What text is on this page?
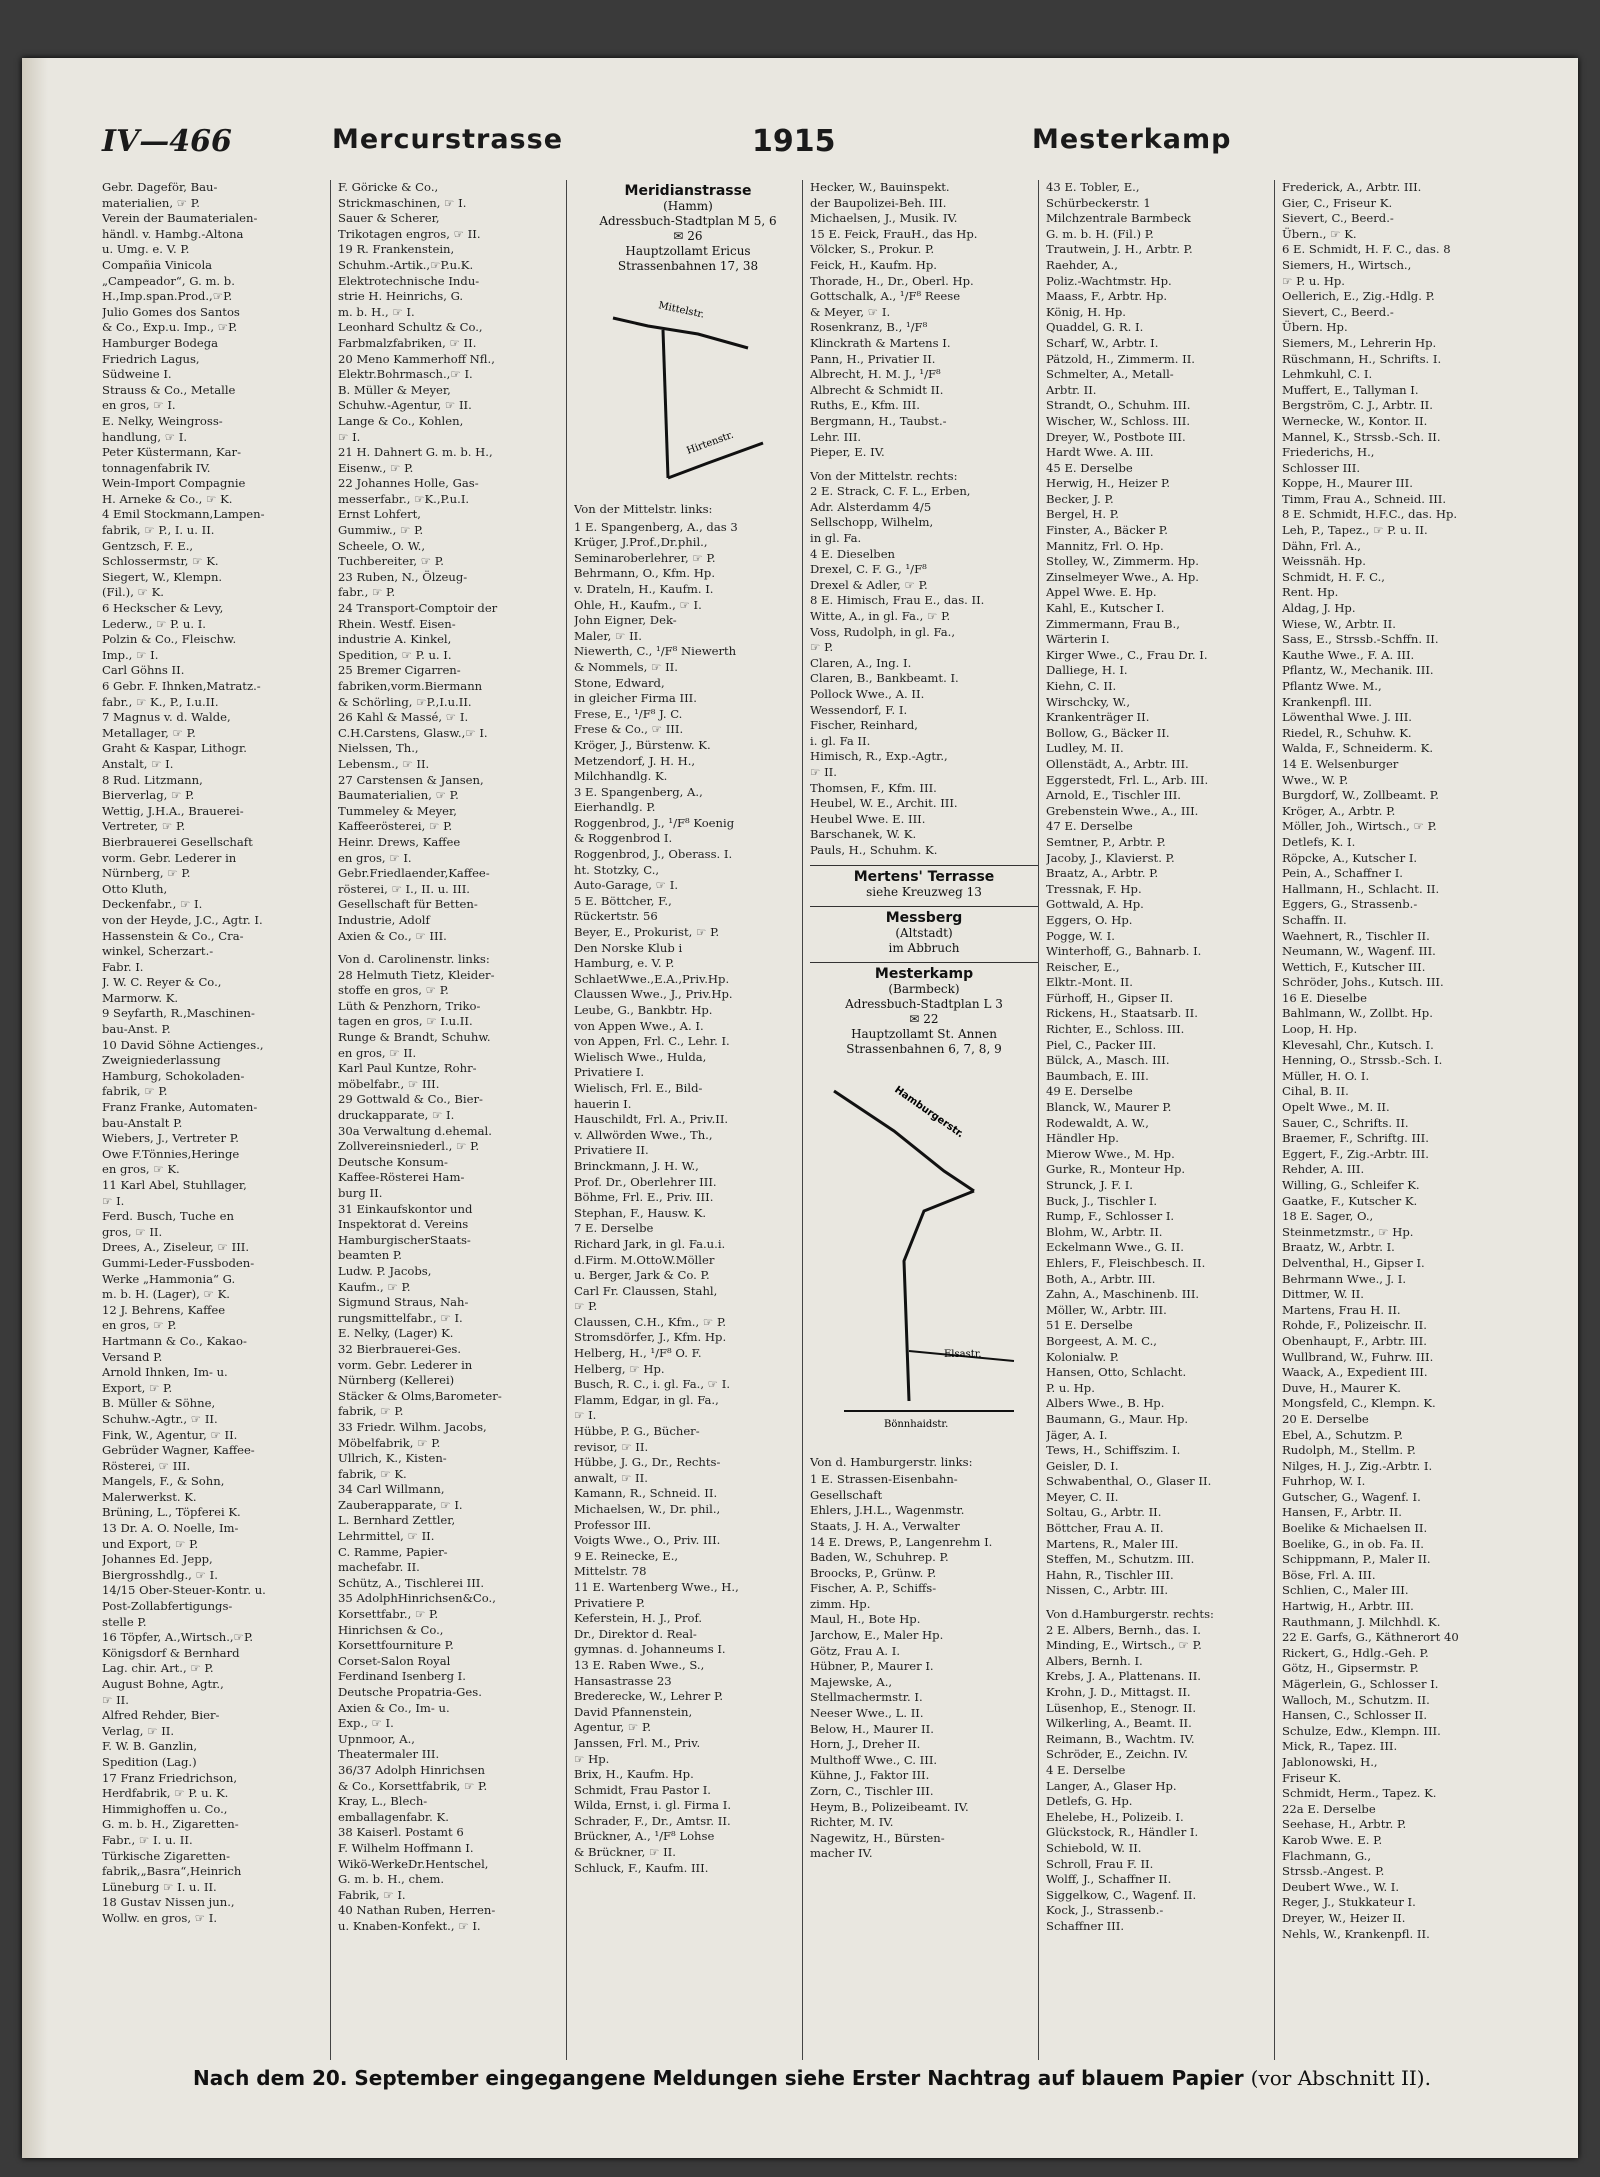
IV—466	Mercurstrasse	1915	Mesterkamp
Gebr. Dageför, Bau-
materialien, ☞ P.
Verein der Baumaterialen-
händl. v. Hambg.-Altona
u. Umg. e. V. P.
Compañia Vinicola
„Campeador“, G. m. b.
H.,Imp.span.Prod.,☞P.
Julio Gomes dos Santos
& Co., Exp.u. Imp., ☞P.
Hamburger Bodega
Friedrich Lagus,
Südweine I.
Strauss & Co., Metalle
en gros, ☞ I.
E. Nelky, Weingross-
handlung, ☞ I.
Peter Küstermann, Kar-
tonnagenfabrik IV.
Wein-Import Compagnie
H. Arneke & Co., ☞ K.
4 Emil Stockmann,Lampen-
fabrik, ☞ P., I. u. II.
Gentzsch, F. E.,
Schlossermstr, ☞ K.
Siegert, W., Klempn.
(Fil.), ☞ K.
6 Heckscher & Levy,
Lederw., ☞ P. u. I.
Polzin & Co., Fleischw.
Imp., ☞ I.
Carl Göhns II.
6 Gebr. F. Ihnken,Matratz.-
fabr., ☞ K., P., I.u.II.
7 Magnus v. d. Walde,
Metallager, ☞ P.
Graht & Kaspar, Lithogr.
Anstalt, ☞ I.
8 Rud. Litzmann,
Bierverlag, ☞ P.
Wettig, J.H.A., Brauerei-
Vertreter, ☞ P.
Bierbrauerei Gesellschaft
vorm. Gebr. Lederer in
Nürnberg, ☞ P.
Otto Kluth,
Deckenfabr., ☞ I.
von der Heyde, J.C., Agtr. I.
Hassenstein & Co., Cra-
winkel, Scherzart.-
Fabr. I.
J. W. C. Reyer & Co.,
Marmorw. K.
9 Seyfarth, R.,Maschinen-
bau-Anst. P.
10 David Söhne Actienges.,
Zweigniederlassung
Hamburg, Schokoladen-
fabrik, ☞ P.
Franz Franke, Automaten-
bau-Anstalt P.
Wiebers, J., Vertreter P.
Owe F.Tönnies,Heringe
en gros, ☞ K.
11 Karl Abel, Stuhllager,
☞ I.
Ferd. Busch, Tuche en
gros, ☞ II.
Drees, A., Ziseleur, ☞ III.
Gummi-Leder-Fussboden-
Werke „Hammonia“ G.
m. b. H. (Lager), ☞ K.
12 J. Behrens, Kaffee
en gros, ☞ P.
Hartmann & Co., Kakao-
Versand P.
Arnold Ihnken, Im- u.
Export, ☞ P.
B. Müller & Söhne,
Schuhw.-Agtr., ☞ II.
Fink, W., Agentur, ☞ II.
Gebrüder Wagner, Kaffee-
Rösterei, ☞ III.
Mangels, F., & Sohn,
Malerwerkst. K.
Brüning, L., Töpferei K.
13 Dr. A. O. Noelle, Im-
und Export, ☞ P.
Johannes Ed. Jepp,
Biergrosshdlg., ☞ I.
14/15 Ober-Steuer-Kontr. u.
Post-Zollabfertigungs-
stelle P.
16 Töpfer, A.,Wirtsch.,☞P.
Königsdorf & Bernhard
Lag. chir. Art., ☞ P.
August Bohne, Agtr.,
☞ II.
Alfred Rehder, Bier-
Verlag, ☞ II.
F. W. B. Ganzlin,
Spedition (Lag.)
17 Franz Friedrichson,
Herdfabrik, ☞ P. u. K.
Himmighoffen u. Co.,
G. m. b. H., Zigaretten-
Fabr., ☞ I. u. II.
Türkische Zigaretten-
fabrik,„Basra“,Heinrich
Lüneburg ☞ I. u. II.
18 Gustav Nissen jun.,
Wollw. en gros, ☞ I.
F. Göricke & Co.,
Strickmaschinen, ☞ I.
Sauer & Scherer,
Trikotagen engros, ☞ II.
19 R. Frankenstein,
Schuhm.-Artik.,☞P.u.K.
Elektrotechnische Indu-
strie H. Heinrichs, G.
m. b. H., ☞ I.
Leonhard Schultz & Co.,
Farbmalzfabriken, ☞ II.
20 Meno Kammerhoff Nfl.,
Elektr.Bohrmasch.,☞ I.
B. Müller & Meyer,
Schuhw.-Agentur, ☞ II.
Lange & Co., Kohlen,
☞ I.
21 H. Dahnert G. m. b. H.,
Eisenw., ☞ P.
22 Johannes Holle, Gas-
messerfabr., ☞K.,P.u.I.
Ernst Lohfert,
Gummiw., ☞ P.
Scheele, O. W.,
Tuchbereiter, ☞ P.
23 Ruben, N., Ölzeug-
fabr., ☞ P.
24 Transport-Comptoir der
Rhein. Westf. Eisen-
industrie A. Kinkel,
Spedition, ☞ P. u. I.
25 Bremer Cigarren-
fabriken,vorm.Biermann
& Schörling, ☞P.,I.u.II.
26 Kahl & Massé, ☞ I.
C.H.Carstens, Glasw.,☞ I.
Nielssen, Th.,
Lebensm., ☞ II.
27 Carstensen & Jansen,
Baumaterialien, ☞ P.
Tummeley & Meyer,
Kaffeerösterei, ☞ P.
Heinr. Drews, Kaffee
en gros, ☞ I.
Gebr.Friedlaender,Kaffee-
rösterei, ☞ I., II. u. III.
Gesellschaft für Betten-
Industrie, Adolf
Axien & Co., ☞ III.
Von d. Carolinenstr. links:
28 Helmuth Tietz, Kleider-
stoffe en gros, ☞ P.
Lüth & Penzhorn, Triko-
tagen en gros, ☞ I.u.II.
Runge & Brandt, Schuhw.
en gros, ☞ II.
Karl Paul Kuntze, Rohr-
möbelfabr., ☞ III.
29 Gottwald & Co., Bier-
druckapparate, ☞ I.
30a Verwaltung d.ehemal.
Zollvereinsniederl., ☞ P.
Deutsche Konsum-
Kaffee-Rösterei Ham-
burg II.
31 Einkaufskontor und
Inspektorat d. Vereins
HamburgischerStaats-
beamten P.
Ludw. P. Jacobs,
Kaufm., ☞ P.
Sigmund Straus, Nah-
rungsmittelfabr., ☞ I.
E. Nelky, (Lager) K.
32 Bierbrauerei-Ges.
vorm. Gebr. Lederer in
Nürnberg (Kellerei)
Stäcker & Olms,Barometer-
fabrik, ☞ P.
33 Friedr. Wilhm. Jacobs,
Möbelfabrik, ☞ P.
Ullrich, K., Kisten-
fabrik, ☞ K.
34 Carl Willmann,
Zauberapparate, ☞ I.
L. Bernhard Zettler,
Lehrmittel, ☞ II.
C. Ramme, Papier-
machefabr. II.
Schütz, A., Tischlerei III.
35 AdolphHinrichsen&Co.,
Korsettfabr., ☞ P.
Hinrichsen & Co.,
Korsettfourniture P.
Corset-Salon Royal
Ferdinand Isenberg I.
Deutsche Propatria-Ges.
Axien & Co., Im- u.
Exp., ☞ I.
Upnmoor, A.,
Theatermaler III.
36/37 Adolph Hinrichsen
& Co., Korsettfabrik, ☞ P.
Kray, L., Blech-
emballagenfabr. K.
38 Kaiserl. Postamt 6
F. Wilhelm Hoffmann I.
Wikö-WerkeDr.Hentschel,
G. m. b. H., chem.
Fabrik, ☞ I.
40 Nathan Ruben, Herren-
u. Knaben-Konfekt., ☞ I.
Meridianstrasse
(Hamm)
Adressbuch-Stadtplan M 5, 6
✉ 26
Hauptzollamt Ericus
Strassenbahnen 17, 38
Mittelstr.
Hirtenstr.
Von der Mittelstr. links:
1 E. Spangenberg, A., das 3
Krüger, J.Prof.,Dr.phil.,
Seminaroberlehrer, ☞ P.
Behrmann, O., Kfm. Hp.
v. Drateln, H., Kaufm. I.
Ohle, H., Kaufm., ☞ I.
John Eigner, Dek-
Maler, ☞ II.
Niewerth, C., ¹/F⁸ Niewerth
& Nommels, ☞ II.
Stone, Edward,
in gleicher Firma III.
Frese, E., ¹/F⁸ J. C.
Frese & Co., ☞ III.
Kröger, J., Bürstenw. K.
Metzendorf, J. H. H.,
Milchhandlg. K.
3 E. Spangenberg, A.,
Eierhandlg. P.
Roggenbrod, J., ¹/F⁸ Koenig
& Roggenbrod I.
Roggenbrod, J., Oberass. I.
ht. Stotzky, C.,
Auto-Garage, ☞ I.
5 E. Böttcher, F.,
Rückertstr. 56
Beyer, E., Prokurist, ☞ P.
Den Norske Klub i
Hamburg, e. V. P.
SchlaetWwe.,E.A.,Priv.Hp.
Claussen Wwe., J., Priv.Hp.
Leube, G., Bankbtr. Hp.
von Appen Wwe., A. I.
von Appen, Frl. C., Lehr. I.
Wielisch Wwe., Hulda,
Privatiere I.
Wielisch, Frl. E., Bild-
hauerin I.
Hauschildt, Frl. A., Priv.II.
v. Allwörden Wwe., Th.,
Privatiere II.
Brinckmann, J. H. W.,
Prof. Dr., Oberlehrer III.
Böhme, Frl. E., Priv. III.
Stephan, F., Hausw. K.
7 E. Derselbe
Richard Jark, in gl. Fa.u.i.
d.Firm. M.OttoW.Möller
u. Berger, Jark & Co. P.
Carl Fr. Claussen, Stahl,
☞ P.
Claussen, C.H., Kfm., ☞ P.
Stromsdörfer, J., Kfm. Hp.
Helberg, H., ¹/F⁸ O. F.
Helberg, ☞ Hp.
Busch, R. C., i. gl. Fa., ☞ I.
Flamm, Edgar, in gl. Fa.,
☞ I.
Hübbe, P. G., Bücher-
revisor, ☞ II.
Hübbe, J. G., Dr., Rechts-
anwalt, ☞ II.
Kamann, R., Schneid. II.
Michaelsen, W., Dr. phil.,
Professor III.
Voigts Wwe., O., Priv. III.
9 E. Reinecke, E.,
Mittelstr. 78
11 E. Wartenberg Wwe., H.,
Privatiere P.
Keferstein, H. J., Prof.
Dr., Direktor d. Real-
gymnas. d. Johanneums I.
13 E. Raben Wwe., S.,
Hansastrasse 23
Brederecke, W., Lehrer P.
David Pfannenstein,
Agentur, ☞ P.
Janssen, Frl. M., Priv.
☞ Hp.
Brix, H., Kaufm. Hp.
Schmidt, Frau Pastor I.
Wilda, Ernst, i. gl. Firma I.
Schrader, F., Dr., Amtsr. II.
Brückner, A., ¹/F⁸ Lohse
& Brückner, ☞ II.
Schluck, F., Kaufm. III.
Hecker, W., Bauinspekt.
der Baupolizei-Beh. III.
Michaelsen, J., Musik. IV.
15 E. Feick, FrauH., das Hp.
Völcker, S., Prokur. P.
Feick, H., Kaufm. Hp.
Thorade, H., Dr., Oberl. Hp.
Gottschalk, A., ¹/F⁸ Reese
& Meyer, ☞ I.
Rosenkranz, B., ¹/F⁸
Klinckrath & Martens I.
Pann, H., Privatier II.
Albrecht, H. M. J., ¹/F⁸
Albrecht & Schmidt II.
Ruths, E., Kfm. III.
Bergmann, H., Taubst.-
Lehr. III.
Pieper, E. IV.
Von der Mittelstr. rechts:
2 E. Strack, C. F. L., Erben,
Adr. Alsterdamm 4/5
Sellschopp, Wilhelm,
in gl. Fa.
4 E. Dieselben
Drexel, C. F. G., ¹/F⁸
Drexel & Adler, ☞ P.
8 E. Himisch, Frau E., das. II.
Witte, A., in gl. Fa., ☞ P.
Voss, Rudolph, in gl. Fa.,
☞ P.
Claren, A., Ing. I.
Claren, B., Bankbeamt. I.
Pollock Wwe., A. II.
Wessendorf, F. I.
Fischer, Reinhard,
i. gl. Fa II.
Himisch, R., Exp.-Agtr.,
☞ II.
Thomsen, F., Kfm. III.
Heubel, W. E., Archit. III.
Heubel Wwe. E. III.
Barschanek, W. K.
Pauls, H., Schuhm. K.
Mertens' Terrasse
siehe Kreuzweg 13
Messberg
(Altstadt)
im Abbruch
Mesterkamp
(Barmbeck)
Adressbuch-Stadtplan L 3
✉ 22
Hauptzollamt St. Annen
Strassenbahnen 6, 7, 8, 9
Hamburgerstr.
Elsastr.
Bönnhaidstr.
Von d. Hamburgerstr. links:
1 E. Strassen-Eisenbahn-
Gesellschaft
Ehlers, J.H.L., Wagenmstr.
Staats, J. H. A., Verwalter
14 E. Drews, P., Langenrehm I.
Baden, W., Schuhrep. P.
Broocks, P., Grünw. P.
Fischer, A. P., Schiffs-
zimm. Hp.
Maul, H., Bote Hp.
Jarchow, E., Maler Hp.
Götz, Frau A. I.
Hübner, P., Maurer I.
Majewske, A.,
Stellmachermstr. I.
Neeser Wwe., L. II.
Below, H., Maurer II.
Horn, J., Dreher II.
Multhoff Wwe., C. III.
Kühne, J., Faktor III.
Zorn, C., Tischler III.
Heym, B., Polizeibeamt. IV.
Richter, M. IV.
Nagewitz, H., Bürsten-
macher IV.
43 E. Tobler, E.,
Schürbeckerstr. 1
Milchzentrale Barmbeck
G. m. b. H. (Fil.) P.
Trautwein, J. H., Arbtr. P.
Raehder, A.,
Poliz.-Wachtmstr. Hp.
Maass, F., Arbtr. Hp.
König, H. Hp.
Quaddel, G. R. I.
Scharf, W., Arbtr. I.
Pätzold, H., Zimmerm. II.
Schmelter, A., Metall-
Arbtr. II.
Strandt, O., Schuhm. III.
Wischer, W., Schloss. III.
Dreyer, W., Postbote III.
Hardt Wwe. A. III.
45 E. Derselbe
Herwig, H., Heizer P.
Becker, J. P.
Bergel, H. P.
Finster, A., Bäcker P.
Mannitz, Frl. O. Hp.
Stolley, W., Zimmerm. Hp.
Zinselmeyer Wwe., A. Hp.
Appel Wwe. E. Hp.
Kahl, E., Kutscher I.
Zimmermann, Frau B.,
Wärterin I.
Kirger Wwe., C., Frau Dr. I.
Dalliege, H. I.
Kiehn, C. II.
Wirschcky, W.,
Krankenträger II.
Bollow, G., Bäcker II.
Ludley, M. II.
Ollenstädt, A., Arbtr. III.
Eggerstedt, Frl. L., Arb. III.
Arnold, E., Tischler III.
Grebenstein Wwe., A., III.
47 E. Derselbe
Semtner, P., Arbtr. P.
Jacoby, J., Klavierst. P.
Braatz, A., Arbtr. P.
Tressnak, F. Hp.
Gottwald, A. Hp.
Eggers, O. Hp.
Pogge, W. I.
Winterhoff, G., Bahnarb. I.
Reischer, E.,
Elktr.-Mont. II.
Fürhoff, H., Gipser II.
Rickens, H., Staatsarb. II.
Richter, E., Schloss. III.
Piel, C., Packer III.
Bülck, A., Masch. III.
Baumbach, E. III.
49 E. Derselbe
Blanck, W., Maurer P.
Rodewaldt, A. W.,
Händler Hp.
Mierow Wwe., M. Hp.
Gurke, R., Monteur Hp.
Strunck, J. F. I.
Buck, J., Tischler I.
Rump, F., Schlosser I.
Blohm, W., Arbtr. II.
Eckelmann Wwe., G. II.
Ehlers, F., Fleischbesch. II.
Both, A., Arbtr. III.
Zahn, A., Maschinenb. III.
Möller, W., Arbtr. III.
51 E. Derselbe
Borgeest, A. M. C.,
Kolonialw. P.
Hansen, Otto, Schlacht.
P. u. Hp.
Albers Wwe., B. Hp.
Baumann, G., Maur. Hp.
Jäger, A. I.
Tews, H., Schiffszim. I.
Geisler, D. I.
Schwabenthal, O., Glaser II.
Meyer, C. II.
Soltau, G., Arbtr. II.
Böttcher, Frau A. II.
Martens, R., Maler III.
Steffen, M., Schutzm. III.
Hahn, R., Tischler III.
Nissen, C., Arbtr. III.
Von d.Hamburgerstr. rechts:
2 E. Albers, Bernh., das. I.
Minding, E., Wirtsch., ☞ P.
Albers, Bernh. I.
Krebs, J. A., Plattenans. II.
Krohn, J. D., Mittagst. II.
Lüsenhop, E., Stenogr. II.
Wilkerling, A., Beamt. II.
Reimann, B., Wachtm. IV.
Schröder, E., Zeichn. IV.
4 E. Derselbe
Langer, A., Glaser Hp.
Detlefs, G. Hp.
Ehelebe, H., Polizeib. I.
Glückstock, R., Händler I.
Schiebold, W. II.
Schroll, Frau F. II.
Wolff, J., Schaffner II.
Siggelkow, C., Wagenf. II.
Kock, J., Strassenb.-
Schaffner III.
Frederick, A., Arbtr. III.
Gier, C., Friseur K.
Sievert, C., Beerd.-
Übern., ☞ K.
6 E. Schmidt, H. F. C., das. 8
Siemers, H., Wirtsch.,
☞ P. u. Hp.
Oellerich, E., Zig.-Hdlg. P.
Sievert, C., Beerd.-
Übern. Hp.
Siemers, M., Lehrerin Hp.
Rüschmann, H., Schrifts. I.
Lehmkuhl, C. I.
Muffert, E., Tallyman I.
Bergström, C. J., Arbtr. II.
Wernecke, W., Kontor. II.
Mannel, K., Strssb.-Sch. II.
Friederichs, H.,
Schlosser III.
Koppe, H., Maurer III.
Timm, Frau A., Schneid. III.
8 E. Schmidt, H.F.C., das. Hp.
Leh, P., Tapez., ☞ P. u. II.
Dähn, Frl. A.,
Weissnäh. Hp.
Schmidt, H. F. C.,
Rent. Hp.
Aldag, J. Hp.
Wiese, W., Arbtr. II.
Sass, E., Strssb.-Schffn. II.
Kauthe Wwe., F. A. III.
Pflantz, W., Mechanik. III.
Pflantz Wwe. M.,
Krankenpfl. III.
Löwenthal Wwe. J. III.
Riedel, R., Schuhw. K.
Walda, F., Schneiderm. K.
14 E. Welsenburger
Wwe., W. P.
Burgdorf, W., Zollbeamt. P.
Kröger, A., Arbtr. P.
Möller, Joh., Wirtsch., ☞ P.
Detlefs, K. I.
Röpcke, A., Kutscher I.
Pein, A., Schaffner I.
Hallmann, H., Schlacht. II.
Eggers, G., Strassenb.-
Schaffn. II.
Waehnert, R., Tischler II.
Neumann, W., Wagenf. III.
Wettich, F., Kutscher III.
Schröder, Johs., Kutsch. III.
16 E. Dieselbe
Bahlmann, W., Zollbt. Hp.
Loop, H. Hp.
Klevesahl, Chr., Kutsch. I.
Henning, O., Strssb.-Sch. I.
Müller, H. O. I.
Cihal, B. II.
Opelt Wwe., M. II.
Sauer, C., Schrifts. II.
Braemer, F., Schriftg. III.
Eggert, F., Zig.-Arbtr. III.
Rehder, A. III.
Willing, G., Schleifer K.
Gaatke, F., Kutscher K.
18 E. Sager, O.,
Steinmetzmstr., ☞ Hp.
Braatz, W., Arbtr. I.
Delventhal, H., Gipser I.
Behrmann Wwe., J. I.
Dittmer, W. II.
Martens, Frau H. II.
Rohde, F., Polizeischr. II.
Obenhaupt, F., Arbtr. III.
Wullbrand, W., Fuhrw. III.
Waack, A., Expedient III.
Duve, H., Maurer K.
Mongsfeld, C., Klempn. K.
20 E. Derselbe
Ebel, A., Schutzm. P.
Rudolph, M., Stellm. P.
Nilges, H. J., Zig.-Arbtr. I.
Fuhrhop, W. I.
Gutscher, G., Wagenf. I.
Hansen, F., Arbtr. II.
Boelike & Michaelsen II.
Boelike, G., in ob. Fa. II.
Schippmann, P., Maler II.
Böse, Frl. A. III.
Schlien, C., Maler III.
Hartwig, H., Arbtr. III.
Rauthmann, J. Milchhdl. K.
22 E. Garfs, G., Käthnerort 40
Rickert, G., Hdlg.-Geh. P.
Götz, H., Gipsermstr. P.
Mägerlein, G., Schlosser I.
Walloch, M., Schutzm. II.
Hansen, C., Schlosser II.
Schulze, Edw., Klempn. III.
Mick, R., Tapez. III.
Jablonowski, H.,
Friseur K.
Schmidt, Herm., Tapez. K.
22a E. Derselbe
Seehase, H., Arbtr. P.
Karob Wwe. E. P.
Flachmann, G.,
Strssb.-Angest. P.
Deubert Wwe., W. I.
Reger, J., Stukkateur I.
Dreyer, W., Heizer II.
Nehls, W., Krankenpfl. II.
Nach dem 20. September eingegangene Meldungen siehe Erster Nachtrag auf blauem Papier (vor Abschnitt II).
